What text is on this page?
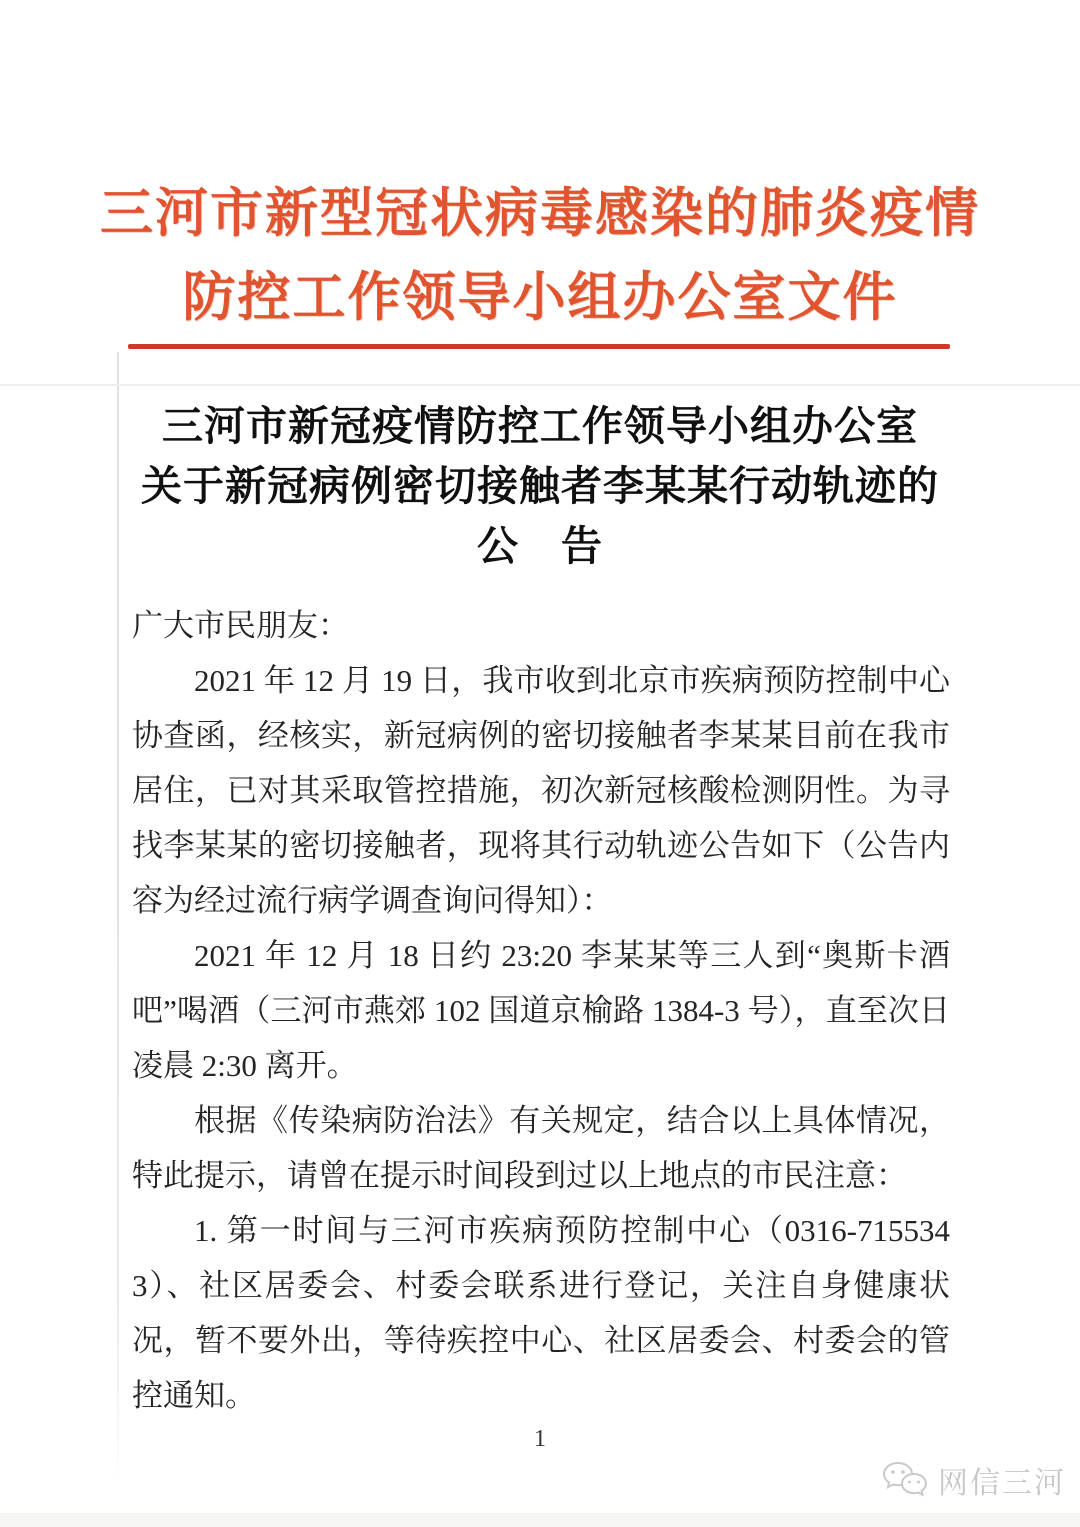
三河市新型冠状病毒感染的肺炎疫情
防控工作领导小组办公室文件
三河市新冠疫情防控工作领导小组办公室
关于新冠病例密切接触者李某某行动轨迹的
公　告

广大市民朋友：

2021 年 12 月 19 日，我市收到北京市疾病预防控制中心协查函，经核实，新冠病例的密切接触者李某某目前在我市居住，已对其采取管控措施，初次新冠核酸检测阴性。为寻找李某某的密切接触者，现将其行动轨迹公告如下（公告内容为经过流行病学调查询问得知）：

2021 年 12 月 18 日约 23:20 李某某等三人到“奥斯卡酒吧”喝酒（三河市燕郊 102 国道京榆路 1384-3 号），直至次日凌晨 2:30 离开。

根据《传染病防治法》有关规定，结合以上具体情况，特此提示，请曾在提示时间段到过以上地点的市民注意：

1. 第一时间与三河市疾病预防控制中心（0316-7155343）、社区居委会、村委会联系进行登记，关注自身健康状况，暂不要外出，等待疾控中心、社区居委会、村委会的管控通知。

1
网信三河
